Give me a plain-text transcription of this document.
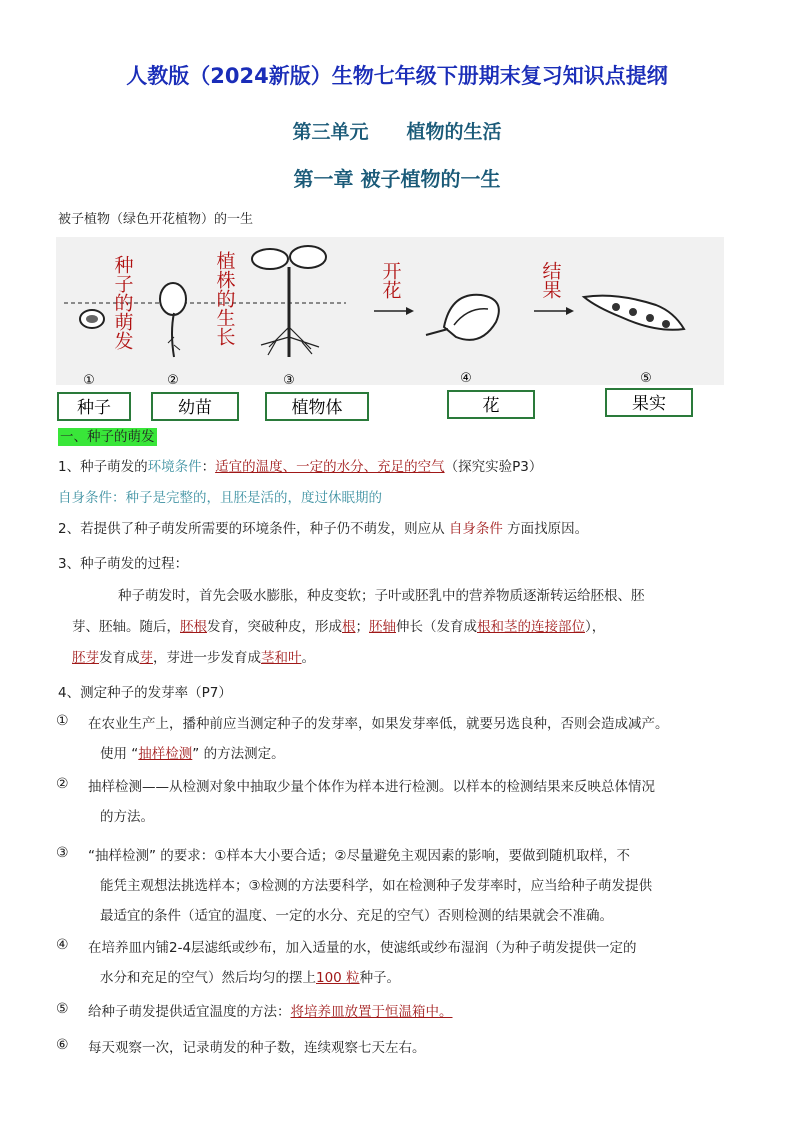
人教版（2024新版）生物七年级下册期末复习知识点提纲
第三单元 植物的生活
第一章 被子植物的一生
被子植物（绿色开花植物）的一生
种子的萌发	植株的生长	开花	结果
①	②	③	④	⑤
种子	幼苗	植物体	花	果实
一、种子的萌发
1、种子萌发的环境条件：适宜的温度、一定的水分、充足的空气（探究实验P3）
自身条件：种子是完整的，且胚是活的，度过休眠期的
2、若提供了种子萌发所需要的环境条件，种子仍不萌发，则应从 自身条件 方面找原因。
3、种子萌发的过程：
种子萌发时，首先会吸水膨胀，种皮变软；子叶或胚乳中的营养物质逐渐转运给胚根、胚
芽、胚轴。随后，胚根发育，突破种皮，形成根；胚轴伸长（发育成根和茎的连接部位），
胚芽发育成芽，芽进一步发育成茎和叶。
4、测定种子的发芽率（P7）
① 在农业生产上，播种前应当测定种子的发芽率，如果发芽率低，就要另选良种，否则会造成减产。
使用 “抽样检测” 的方法测定。
② 抽样检测——从检测对象中抽取少量个体作为样本进行检测。以样本的检测结果来反映总体情况
的方法。
③ “抽样检测” 的要求：①样本大小要合适；②尽量避免主观因素的影响，要做到随机取样，不
能凭主观想法挑选样本；③检测的方法要科学，如在检测种子发芽率时，应当给种子萌发提供
最适宜的条件（适宜的温度、一定的水分、充足的空气）否则检测的结果就会不准确。
④ 在培养皿内铺2-4层滤纸或纱布，加入适量的水，使滤纸或纱布湿润（为种子萌发提供一定的
水分和充足的空气）然后均匀的摆上100 粒种子。
⑤ 给种子萌发提供适宜温度的方法：将培养皿放置于恒温箱中。
⑥ 每天观察一次，记录萌发的种子数，连续观察七天左右。
